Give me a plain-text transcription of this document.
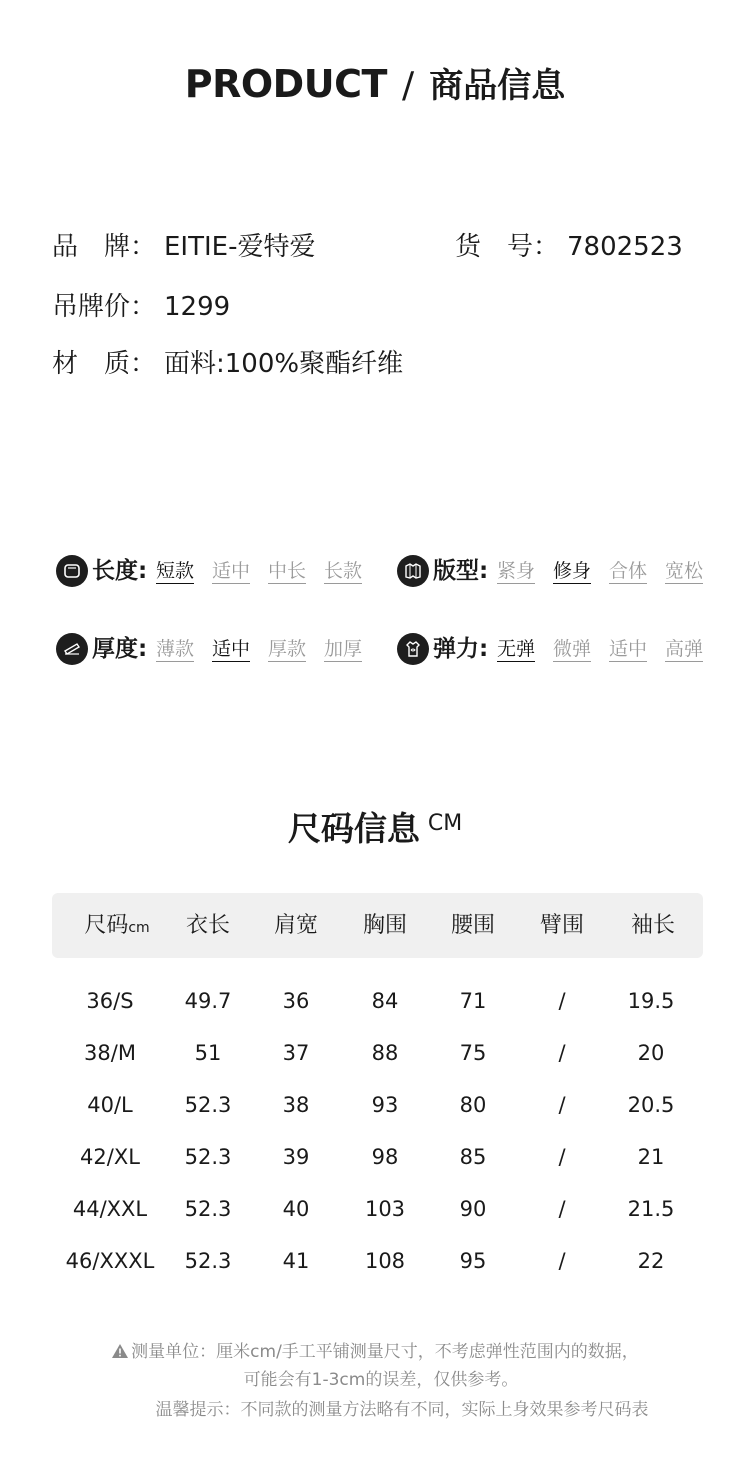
PRODUCT / 商品信息
品　牌： EITIE-爱特爱	货　号： 7802523
吊牌价： 1299
材　质： 面料:100%聚酯纤维
长度: 短款 适中 中长 长款	版型: 紧身 修身 合体 宽松
厚度: 薄款 适中 厚款 加厚	弹力: 无弹 微弹 适中 高弹
尺码信息 CM
尺码cm	衣长	肩宽	胸围	腰围	臂围	袖长
36/S	49.7	36	84	71	/	19.5
38/M	51	37	88	75	/	20
40/L	52.3	38	93	80	/	20.5
42/XL	52.3	39	98	85	/	21
44/XXL	52.3	40	103	90	/	21.5
46/XXXL	52.3	41	108	95	/	22
测量单位：厘米cm/手工平铺测量尺寸，不考虑弹性范围内的数据，
可能会有1-3cm的误差，仅供参考。
温馨提示：不同款的测量方法略有不同，实际上身效果参考尺码表
